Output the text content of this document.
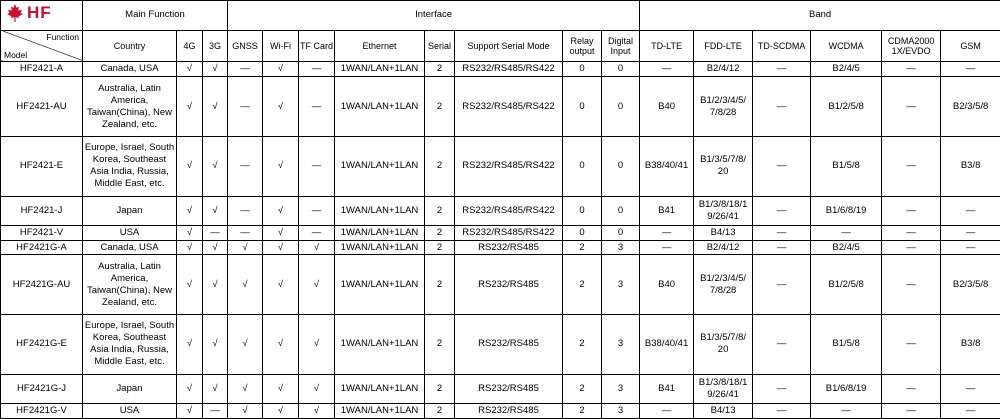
HF	Main Function			Interface								Band					

Function
Model	Country	4G	3G	GNSS	Wi-Fi	TF Card	Ethernet	Serial	Support Serial Mode	Relay output	Digital Input	TD-LTE	FDD-LTE	TD-SCDMA	WCDMA	CDMA2000 1X/EVDO	GSM
HF2421-A	Canada, USA	√	√	—	√	—	1WAN/LAN+1LAN	2	RS232/RS485/RS422	0	0	—	B2/4/12	—	B2/4/5	—	—
HF2421-AU	Australia, Latin America, Taiwan(China), New Zealand, etc.	√	√	—	√	—	1WAN/LAN+1LAN	2	RS232/RS485/RS422	0	0	B40	B1/2/3/4/5/ 7/8/28	—	B1/2/5/8	—	B2/3/5/8
HF2421-E	Europe, Israel, South Korea, Southeast Asia India, Russia, Middle East, etc.	√	√	—	√	—	1WAN/LAN+1LAN	2	RS232/RS485/RS422	0	0	B38/40/41	B1/3/5/7/8/ 20	—	B1/5/8	—	B3/8
HF2421-J	Japan	√	√	—	√	—	1WAN/LAN+1LAN	2	RS232/RS485/RS422	0	0	B41	B1/3/8/18/1 9/26/41	—	B1/6/8/19	—	—
HF2421-V	USA	√	—	—	√	—	1WAN/LAN+1LAN	2	RS232/RS485/RS422	0	0	—	B4/13	—	—	—	—
HF2421G-A	Canada, USA	√	√	√	√	√	1WAN/LAN+1LAN	2	RS232/RS485	2	3	—	B2/4/12	—	B2/4/5	—	—
HF2421G-AU	Australia, Latin America, Taiwan(China), New Zealand, etc.	√	√	√	√	√	1WAN/LAN+1LAN	2	RS232/RS485	2	3	B40	B1/2/3/4/5/ 7/8/28	—	B1/2/5/8	—	B2/3/5/8
HF2421G-E	Europe, Israel, South Korea, Southeast Asia India, Russia, Middle East, etc.	√	√	√	√	√	1WAN/LAN+1LAN	2	RS232/RS485	2	3	B38/40/41	B1/3/5/7/8/ 20	—	B1/5/8	—	B3/8
HF2421G-J	Japan	√	√	√	√	√	1WAN/LAN+1LAN	2	RS232/RS485	2	3	B41	B1/3/8/18/1 9/26/41	—	B1/6/8/19	—	—
HF2421G-V	USA	√	—	√	√	√	1WAN/LAN+1LAN	2	RS232/RS485	2	3	—	B4/13	—	—	—	—
